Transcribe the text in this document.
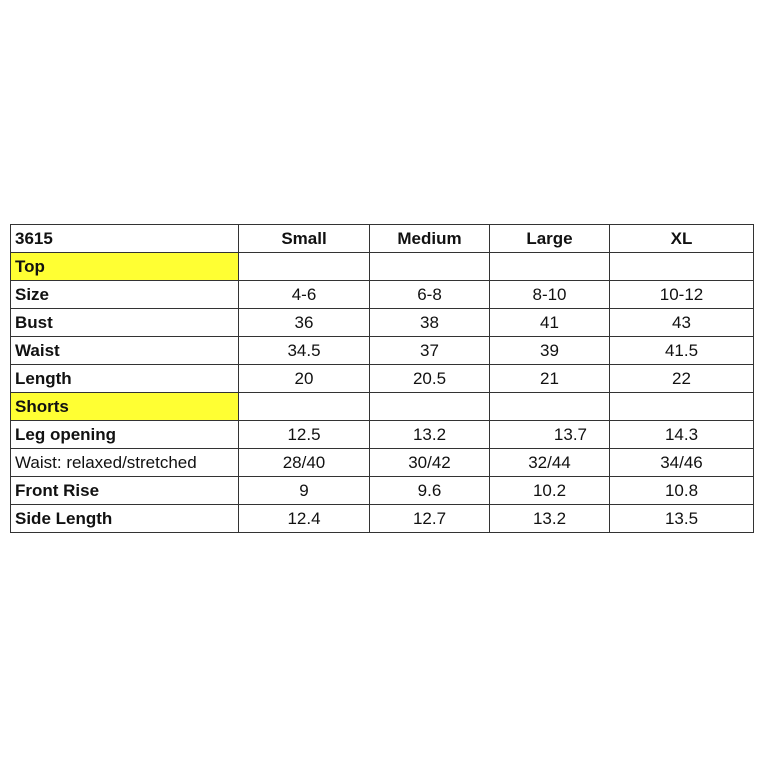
3615	Small	Medium	Large	XL
Top				
Size	4-6	6-8	8-10	10-12
Bust	36	38	41	43
Waist	34.5	37	39	41.5
Length	20	20.5	21	22
Shorts				
Leg opening	12.5	13.2	13.7	14.3
Waist: relaxed/stretched	28/40	30/42	32/44	34/46
Front Rise	9	9.6	10.2	10.8
Side Length	12.4	12.7	13.2	13.5
